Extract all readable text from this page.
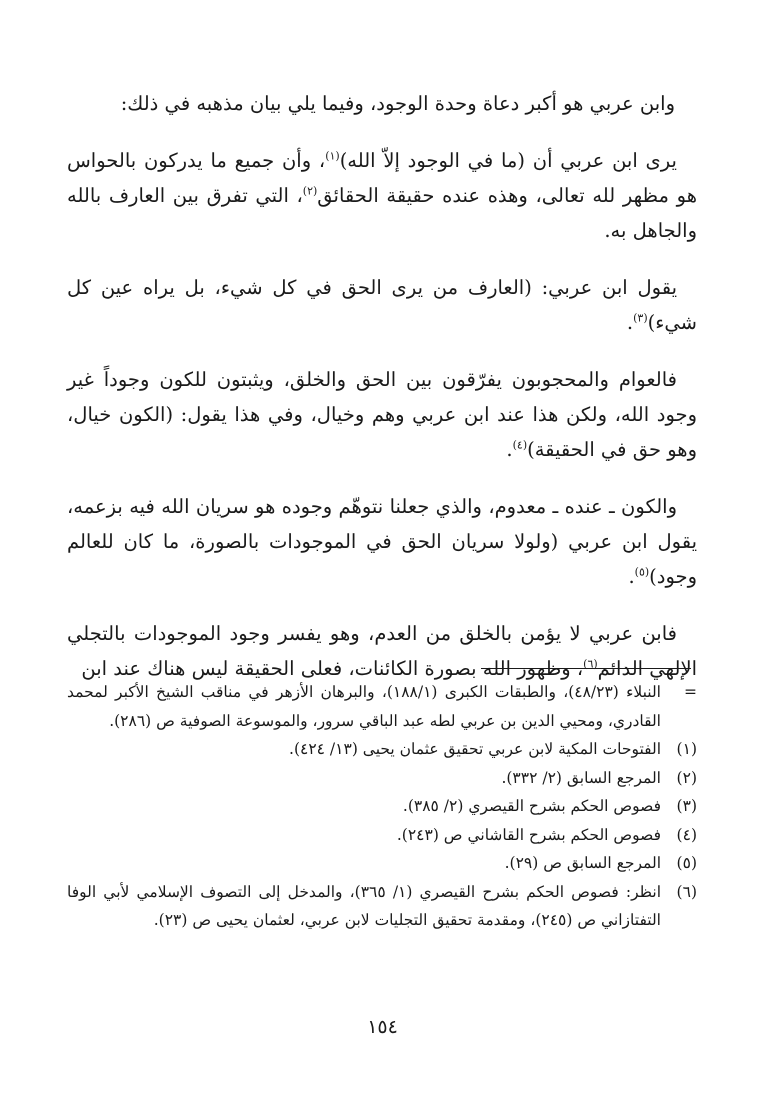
وابن عربي هو أكبر دعاة وحدة الوجود، وفيما يلي بيان مذهبه في ذلك:

يرى ابن عربي أن (ما في الوجود إلاّ الله)$^{(١)}$، وأن جميع ما يدركون بالحواس هو مظهر لله تعالى، وهذه عنده حقيقة الحقائق$^{(٢)}$، التي تفرق بين العارف بالله والجاهل به.

يقول ابن عربي: (العارف من يرى الحق في كل شيء، بل يراه عين كل شيء)$^{(٣)}$.

فالعوام والمحجوبون يفرّقون بين الحق والخلق، ويثبتون للكون وجوداً غير وجود الله، ولكن هذا عند ابن عربي وهم وخيال، وفي هذا يقول: (الكون خيال، وهو حق في الحقيقة)$^{(٤)}$.

والكون ـ عنده ـ معدوم، والذي جعلنا نتوهّم وجوده هو سريان الله فيه بزعمه، يقول ابن عربي (ولولا سريان الحق في الموجودات بالصورة، ما كان للعالم وجود)$^{(٥)}$.

فابن عربي لا يؤمن بالخلق من العدم، وهو يفسر وجود الموجودات بالتجلي الإلهي الدائم$^{(٦)}$، وظهور الله بصورة الكائنات، فعلى الحقيقة ليس هناك عند ابن

=
النبلاء (٤٨/٢٣)، والطبقات الكبرى (١٨٨/١)، والبرهان الأزهر في مناقب الشيخ الأكبر لمحمد القادري، ومحيي الدين بن عربي لطه عبد الباقي سرور، والموسوعة الصوفية ص (٢٨٦).
(١)
الفتوحات المكية لابن عربي تحقيق عثمان يحيى (١٣/ ٤٢٤).
(٢)
المرجع السابق (٢/ ٣٣٢).
(٣)
فصوص الحكم بشرح القيصري (٢/ ٣٨٥).
(٤)
فصوص الحكم بشرح القاشاني ص (٢٤٣).
(٥)
المرجع السابق ص (٢٩).
(٦)
انظر: فصوص الحكم بشرح القيصري (١/ ٣٦٥)، والمدخل إلى التصوف الإسلامي لأبي الوفا التفتازاني ص (٢٤٥)، ومقدمة تحقيق التجليات لابن عربي، لعثمان يحيى ص (٢٣).
١٥٤
